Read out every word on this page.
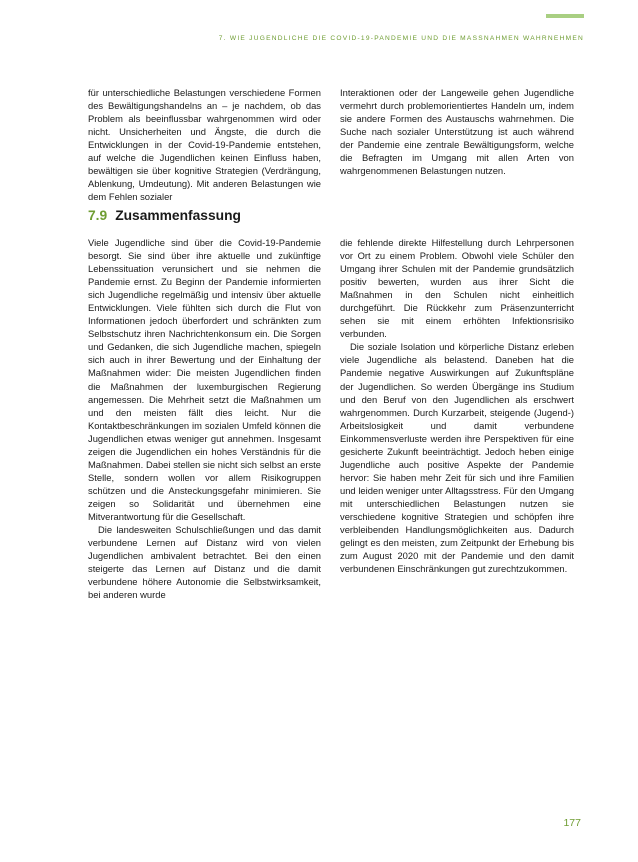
7. WIE JUGENDLICHE DIE COVID-19-PANDEMIE UND DIE MASSNAHMEN WAHRNEHMEN

für unterschiedliche Belastungen verschiedene Formen des Bewältigungshandelns an – je nachdem, ob das Problem als beeinflussbar wahrgenommen wird oder nicht. Unsicherheiten und Ängste, die durch die Entwicklungen in der Covid-19-Pandemie entstehen, auf welche die Jugendlichen keinen Einfluss haben, bewältigen sie über kognitive Strategien (Verdrängung, Ablenkung, Umdeutung). Mit anderen Belastungen wie dem Fehlen sozialer

Interaktionen oder der Langeweile gehen Jugendliche vermehrt durch problemorientiertes Handeln um, indem sie andere Formen des Austauschs wahrnehmen. Die Suche nach sozialer Unterstützung ist auch während der Pandemie eine zentrale Bewältigungsform, welche die Befragten im Umgang mit allen Arten von wahrgenommenen Belastungen nutzen.

7.9 Zusammenfassung

Viele Jugendliche sind über die Covid-19-Pandemie besorgt. Sie sind über ihre aktuelle und zukünftige Lebenssituation verunsichert und sie nehmen die Pandemie ernst. Zu Beginn der Pandemie informierten sich Jugendliche regelmäßig und intensiv über aktuelle Entwicklungen. Viele fühlten sich durch die Flut von Informationen jedoch überfordert und schränkten zum Selbstschutz ihren Nachrichtenkonsum ein. Die Sorgen und Gedanken, die sich Jugendliche machen, spiegeln sich auch in ihrer Bewertung und der Einhaltung der Maßnahmen wider: Die meisten Jugendlichen finden die Maßnahmen der luxemburgischen Regierung angemessen. Die Mehrheit setzt die Maßnahmen um und den meisten fällt dies leicht. Nur die Kontaktbeschränkungen im sozialen Umfeld können die Jugendlichen etwas weniger gut annehmen. Insgesamt zeigen die Jugendlichen ein hohes Verständnis für die Maßnahmen. Dabei stellen sie nicht sich selbst an erste Stelle, sondern wollen vor allem Risikogruppen schützen und die Ansteckungsgefahr minimieren. Sie zeigen so Solidarität und übernehmen eine Mitverantwortung für die Gesellschaft.

Die landesweiten Schulschließungen und das damit verbundene Lernen auf Distanz wird von vielen Jugendlichen ambivalent betrachtet. Bei den einen steigerte das Lernen auf Distanz und die damit verbundene höhere Autonomie die Selbstwirksamkeit, bei anderen wurde

die fehlende direkte Hilfestellung durch Lehrpersonen vor Ort zu einem Problem. Obwohl viele Schüler den Umgang ihrer Schulen mit der Pandemie grundsätzlich positiv bewerten, wurden aus ihrer Sicht die Maßnahmen in den Schulen nicht einheitlich durchgeführt. Die Rückkehr zum Präsenzunterricht sehen sie mit einem erhöhten Infektionsrisiko verbunden.

Die soziale Isolation und körperliche Distanz erleben viele Jugendliche als belastend. Daneben hat die Pandemie negative Auswirkungen auf Zukunftspläne der Jugendlichen. So werden Übergänge ins Studium und den Beruf von den Jugendlichen als erschwert wahrgenommen. Durch Kurzarbeit, steigende (Jugend-) Arbeitslosigkeit und damit verbundene Einkommensverluste werden ihre Perspektiven für eine gesicherte Zukunft beeinträchtigt. Jedoch heben einige Jugendliche auch positive Aspekte der Pandemie hervor: Sie haben mehr Zeit für sich und ihre Familien und leiden weniger unter Alltagsstress. Für den Umgang mit unterschiedlichen Belastungen nutzen sie verschiedene kognitive Strategien und schöpfen ihre verbleibenden Handlungsmöglichkeiten aus. Dadurch gelingt es den meisten, zum Zeitpunkt der Erhebung bis zum August 2020 mit der Pandemie und den damit verbundenen Einschränkungen gut zurechtzukommen.

177
